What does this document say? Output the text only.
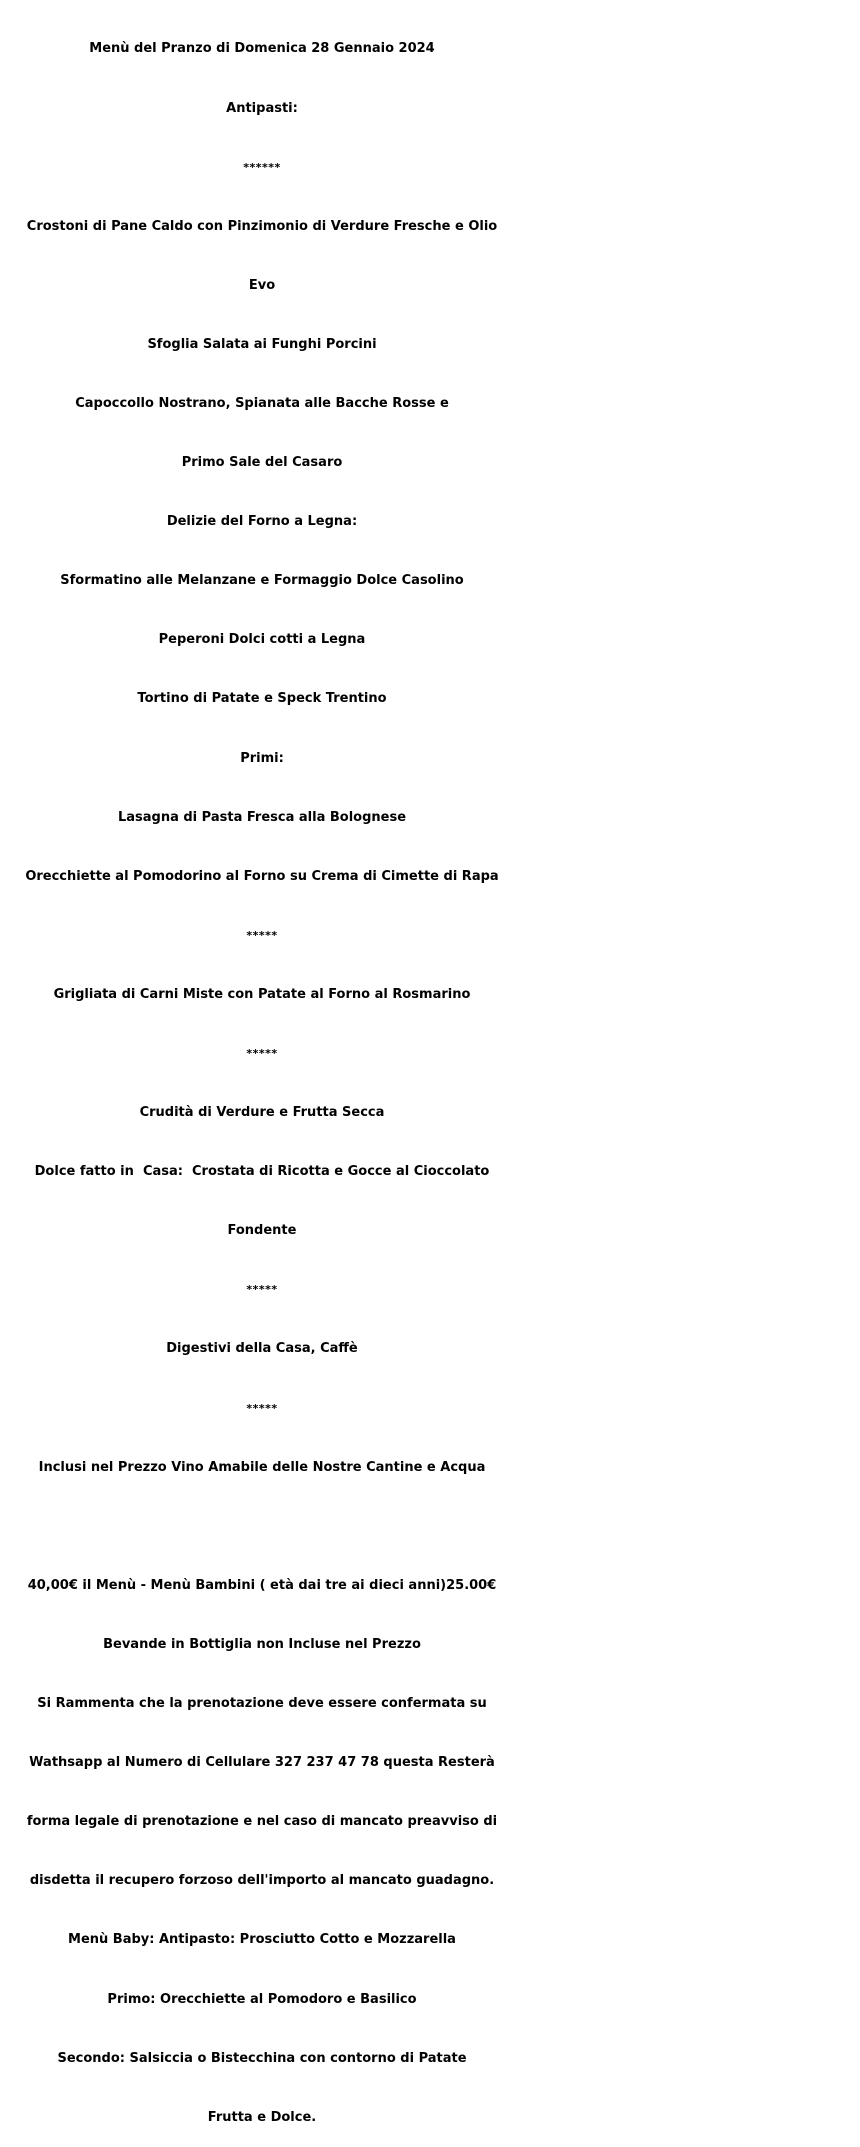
Menù del Pranzo di Domenica 28 Gennaio 2024

Antipasti:

******

Crostoni di Pane Caldo con Pinzimonio di Verdure Fresche e Olio

Evo

Sfoglia Salata ai Funghi Porcini

Capoccollo Nostrano, Spianata alle Bacche Rosse e

Primo Sale del Casaro

Delizie del Forno a Legna:

Sformatino alle Melanzane e Formaggio Dolce Casolino

Peperoni Dolci cotti a Legna

Tortino di Patate e Speck Trentino

Primi:

Lasagna di Pasta Fresca alla Bolognese

Orecchiette al Pomodorino al Forno su Crema di Cimette di Rapa

*****

Grigliata di Carni Miste con Patate al Forno al Rosmarino

*****

Crudità di Verdure e Frutta Secca

Dolce fatto in  Casa:  Crostata di Ricotta e Gocce al Cioccolato

Fondente

*****

Digestivi della Casa, Caffè

*****

Inclusi nel Prezzo Vino Amabile delle Nostre Cantine e Acqua

40,00€ il Menù - Menù Bambini ( età dai tre ai dieci anni)25.00€

Bevande in Bottiglia non Incluse nel Prezzo

Si Rammenta che la prenotazione deve essere confermata su

Wathsapp al Numero di Cellulare 327 237 47 78 questa Resterà

forma legale di prenotazione e nel caso di mancato preavviso di

disdetta il recupero forzoso dell'importo al mancato guadagno.

Menù Baby: Antipasto: Prosciutto Cotto e Mozzarella

Primo: Orecchiette al Pomodoro e Basilico

Secondo: Salsiccia o Bistecchina con contorno di Patate

Frutta e Dolce.
